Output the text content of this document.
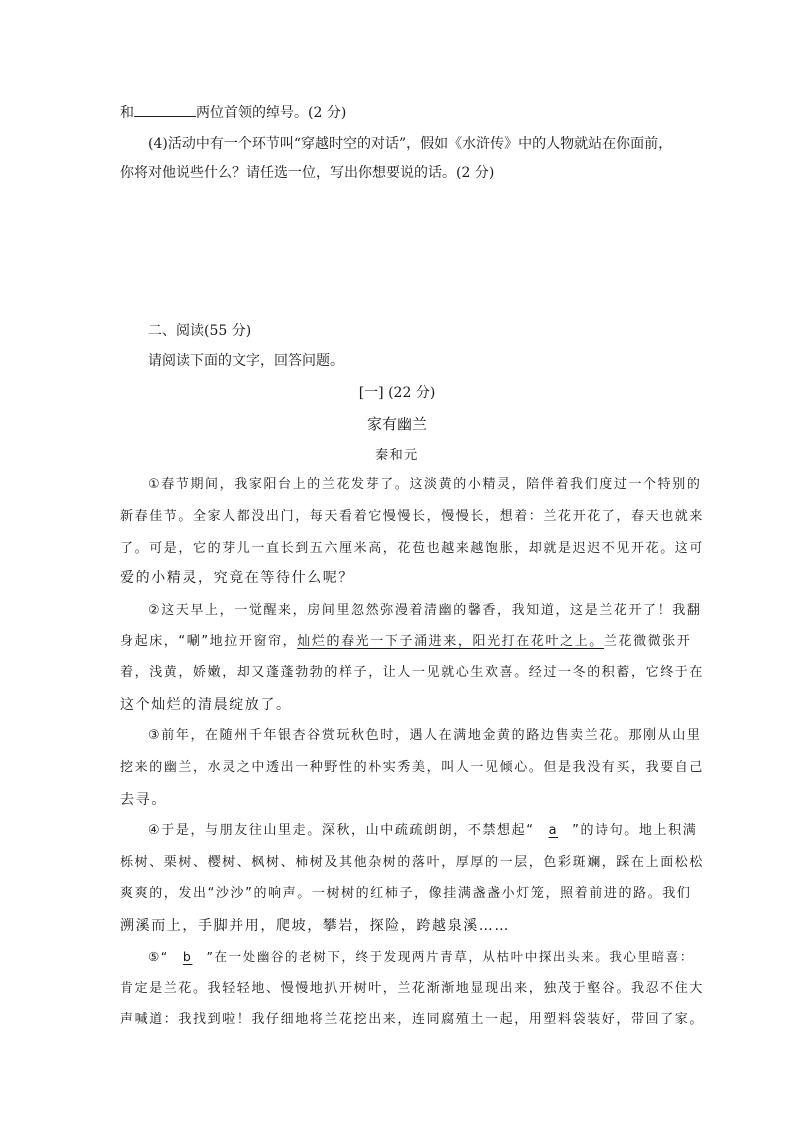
和	两位首领的绰号。(2 分)
(4)活动中有一个环节叫“穿越时空的对话”，假如《水浒传》中的人物就站在你面前，
你将对他说些什么？请任选一位，写出你想要说的话。(2 分)
二、阅读(55 分)
请阅读下面的文字，回答问题。
[一] (22 分)
家有幽兰
秦和元
①春节期间，我家阳台上的兰花发芽了。这淡黄的小精灵，陪伴着我们度过一个特别的
新春佳节。全家人都没出门，每天看着它慢慢长，慢慢长，想着：兰花开花了，春天也就来
了。可是，它的芽儿一直长到五六厘米高，花苞也越来越饱胀，却就是迟迟不见开花。这可
爱的小精灵，究竟在等待什么呢？
②这天早上，一觉醒来，房间里忽然弥漫着清幽的馨香，我知道，这是兰花开了！我翻
身起床，“唰”地拉开窗帘，灿烂的春光一下子涌进来，阳光打在花叶之上。兰花微微张开
着，浅黄，娇嫩，却又蓬蓬勃勃的样子，让人一见就心生欢喜。经过一冬的积蓄，它终于在
这个灿烂的清晨绽放了。
③前年，在随州千年银杏谷赏玩秋色时，遇人在满地金黄的路边售卖兰花。那刚从山里
挖来的幽兰，水灵之中透出一种野性的朴实秀美，叫人一见倾心。但是我没有买，我要自己
去寻。
④于是，与朋友往山里走。深秋，山中疏疏朗朗，不禁想起“ a ”的诗句。地上积满
栎树、栗树、樱树、枫树、柿树及其他杂树的落叶，厚厚的一层，色彩斑斓，踩在上面松松
爽爽的，发出“沙沙”的响声。一树树的红柿子，像挂满盏盏小灯笼，照着前进的路。我们
溯溪而上，手脚并用，爬坡，攀岩，探险，跨越泉溪……
⑤“ b ”在一处幽谷的老树下，终于发现两片青草，从枯叶中探出头来。我心里暗喜：
肯定是兰花。我轻轻地、慢慢地扒开树叶，兰花渐渐地显现出来，独茂于壑谷。我忍不住大
声喊道：我找到啦！我仔细地将兰花挖出来，连同腐殖土一起，用塑料袋装好，带回了家。
